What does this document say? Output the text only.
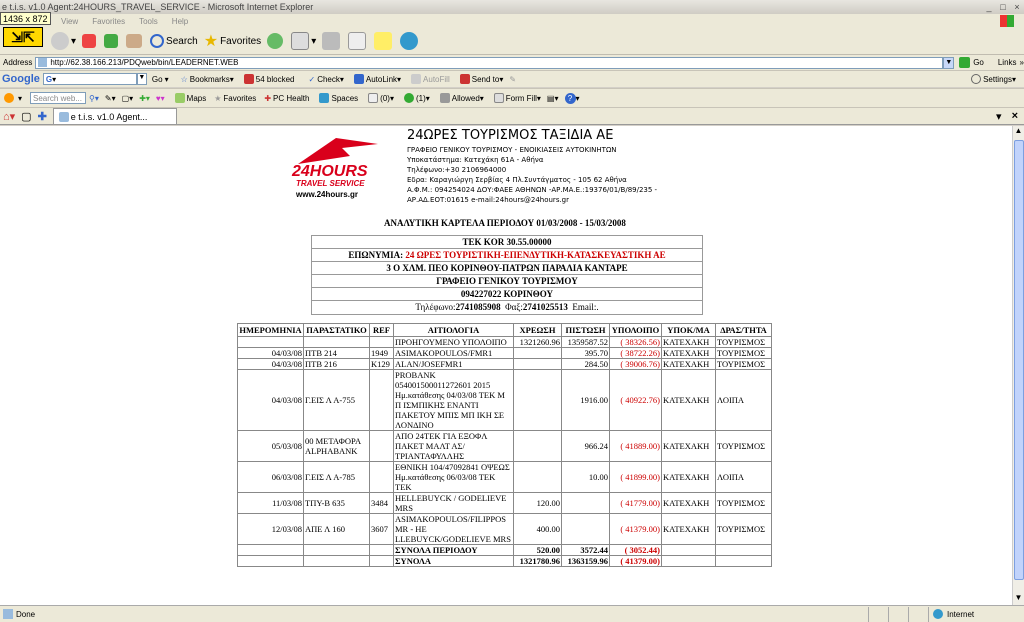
e t.i.s. v1.0 Agent:24HOURS_TRAVEL_SERVICE - Microsoft Internet Explorer	_ □ ×
1436 x 872
⇲⇱
View Favorites Tools Help
▾	Search ★ Favorites	▾
Address http://62.38.166.213/PDQweb/bin/LEADERNET.WEB	▼	Go Links »
Google G ▾	▼ Go ▾ ☆ Bookmarks ▾	54 blocked ✓ Check ▾	AutoLink ▾	AutoFill	Send to ▾ ✎	Settings ▾
▾ Search web... ⚲▾ ✎▾ ▢▾ ✚▾ ♥▾	Maps ★ Favorites ✚ PC Health	Spaces	(0) ▾	(1) ▾	Allowed ▾	Form Fill ▾ ▤▾	? ▾
⌂▾ ▢ ✚	e t.i.s. v1.0 Agent...	▾ ×
24HOURS
TRAVEL SERVICE
www.24hours.gr
24ΩΡΕΣ ΤΟΥΡΙΣΜΟΣ ΤΑΞΙΔΙΑ ΑΕ
ΓΡΑΦΕΙΟ ΓΕΝΙΚΟΥ ΤΟΥΡΙΣΜΟΥ - ΕΝΟΙΚΙΑΣΕΙΣ ΑΥΤΟΚΙΝΗΤΩΝ
Υποκατάστημα: Κατεχάκη 61Α - Αθήνα
Τηλέφωνο:+30 2106964000
Εδρα: Καραγιώργη Σερβίας 4 Πλ.Συντάγματος - 105 62 Αθήνα
Α.Φ.Μ.: 094254024 ΔΟΥ:ΦΑΕΕ ΑΘΗΝΩΝ -ΑΡ.ΜΑ.Ε.:19376/01/Β/89/235 -
ΑΡ.ΑΔ.ΕΟΤ:01615 e-mail:24hours@24hours.gr
ΑΝΑΛΥΤΙΚΗ ΚΑΡΤΕΛΑ ΠΕΡΙΟΔΟΥ 01/03/2008 - 15/03/2008
ΤΕΚ KOR 30.55.00000
ΕΠΩΝΥΜΙΑ: 24 ΩΡΕΣ ΤΟΥΡΙΣΤΙΚΗ-ΕΠΕΝΔΥΤΙΚΗ-ΚΑΤΑΣΚΕΥΑΣΤΙΚΗ ΑΕ
3 Ο ΧΛΜ. ΠΕΟ ΚΟΡΙΝΘΟΥ-ΠΑΤΡΩΝ ΠΑΡΑΛΙΑ ΚΑΝΤΑΡΕ
ΓΡΑΦΕΙΟ ΓΕΝΙΚΟΥ ΤΟΥΡΙΣΜΟΥ
094227022 ΚΟΡΙΝΘΟΥ
Τηλέφωνο:2741085908 Φαξ:2741025513 Email:.
ΗΜΕΡΟΜΗΝΙΑ	ΠΑΡΑΣΤΑΤΙΚΟ	REF	ΑΙΤΙΟΛΟΓΙΑ	ΧΡΕΩΣΗ	ΠΙΣΤΩΣΗ	ΥΠΟΛΟΙΠΟ	ΥΠΟΚ/ΜΑ	ΔΡΑΣ/ΤΗΤΑ
			ΠΡΟΗΓΟΥΜΕΝΟ ΥΠΟΛΟΙΠΟ	1321260.96	1359587.52	( 38326.56)	ΚΑΤΕΧΑΚΗ	ΤΟΥΡΙΣΜΟΣ
04/03/08	ΠΤΒ 214	1949	ASIMAKOPOULOS/FMR1		395.70	( 38722.26)	ΚΑΤΕΧΑΚΗ	ΤΟΥΡΙΣΜΟΣ
04/03/08	ΠΤΒ 216	K129	ALAN/JOSEFMR1		284.50	( 39006.76)	ΚΑΤΕΧΑΚΗ	ΤΟΥΡΙΣΜΟΣ
04/03/08	Γ.ΕΙΣ Λ Α-755		PROBANK 054001500011272601 2015 Ημ.κατάθεσης 04/03/08 ΤΕΚ Μ Π ΙΣΜΠΙΚΗΣ ΕΝΑΝΤΙ ΠΑΚΕΤΟΥ ΜΠΙΣ ΜΠ ΙΚΗ ΣΕ ΛΟΝΔΙΝΟ		1916.00	( 40922.76)	ΚΑΤΕΧΑΚΗ	ΛΟΙΠΑ
05/03/08	00 ΜΕΤΑΦΟΡΑ ALPHABANK		ΑΠΟ 24ΤΕΚ ΓΙΑ ΕΞΟΦΛ ΠΑΚΕΤ ΜΑΛΤ ΑΣ/ΤΡΙΑΝΤΑΦΥΛΛΗΣ		966.24	( 41889.00)	ΚΑΤΕΧΑΚΗ	ΤΟΥΡΙΣΜΟΣ
06/03/08	Γ.ΕΙΣ Λ Α-785		ΕΘΝΙΚΗ 104/47092841 ΟΨΕΩΣ Ημ.κατάθεσης 06/03/08 ΤΕΚ ΤΕΚ		10.00	( 41899.00)	ΚΑΤΕΧΑΚΗ	ΛΟΙΠΑ
11/03/08	ΤΠΥ-Β 635	3484	HELLEBUYCK / GODELIEVE MRS	120.00		( 41779.00)	ΚΑΤΕΧΑΚΗ	ΤΟΥΡΙΣΜΟΣ
12/03/08	ΑΠΕ Λ 160	3607	ASIMAKOPOULOS/FILIPPOS MR - HE LLEBUYCK/GODELIEVE MRS	400.00		( 41379.00)	ΚΑΤΕΧΑΚΗ	ΤΟΥΡΙΣΜΟΣ
			ΣΥΝΟΛΑ ΠΕΡΙΟΔΟΥ	520.00	3572.44	( 3052.44)		
			ΣΥΝΟΛΑ	1321780.96	1363159.96	( 41379.00)		
▲
▼
Done	Internet
